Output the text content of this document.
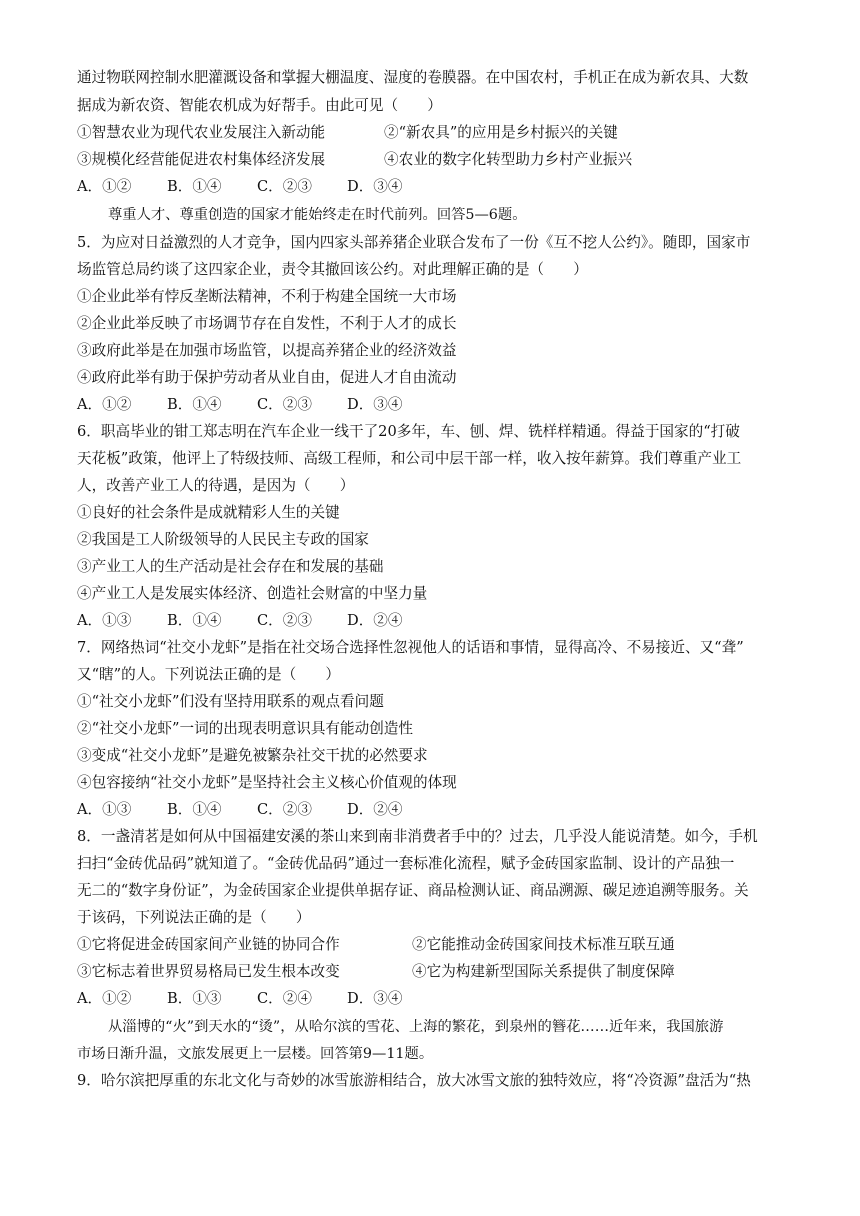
通过物联网控制水肥灌溉设备和掌握大棚温度、湿度的卷膜器。在中国农村，手机正在成为新农具、大数
据成为新农资、智能农机成为好帮手。由此可见（　　）
①智慧农业为现代农业发展注入新动能	②“新农具”的应用是乡村振兴的关键
③规模化经营能促进农村集体经济发展	④农业的数字化转型助力乡村产业振兴
A．①② B．①④ C．②③ D．③④
尊重人才、尊重创造的国家才能始终走在时代前列。回答5—6题。
5．为应对日益激烈的人才竞争，国内四家头部养猪企业联合发布了一份《互不挖人公约》。随即，国家市
场监管总局约谈了这四家企业，责令其撤回该公约。对此理解正确的是（　　）
①企业此举有悖反垄断法精神，不利于构建全国统一大市场
②企业此举反映了市场调节存在自发性，不利于人才的成长
③政府此举是在加强市场监管，以提高养猪企业的经济效益
④政府此举有助于保护劳动者从业自由，促进人才自由流动
A．①② B．①④ C．②③ D．③④
6．职高毕业的钳工郑志明在汽车企业一线干了20多年，车、刨、焊、铣样样精通。得益于国家的“打破
天花板”政策，他评上了特级技师、高级工程师，和公司中层干部一样，收入按年薪算。我们尊重产业工
人，改善产业工人的待遇，是因为（　　）
①良好的社会条件是成就精彩人生的关键
②我国是工人阶级领导的人民民主专政的国家
③产业工人的生产活动是社会存在和发展的基础
④产业工人是发展实体经济、创造社会财富的中坚力量
A．①③ B．①④ C．②③ D．②④
7．网络热词“社交小龙虾”是指在社交场合选择性忽视他人的话语和事情，显得高冷、不易接近、又“聋”
又“瞎”的人。下列说法正确的是（　　）
①“社交小龙虾”们没有坚持用联系的观点看问题
②“社交小龙虾”一词的出现表明意识具有能动创造性
③变成“社交小龙虾”是避免被繁杂社交干扰的必然要求
④包容接纳“社交小龙虾”是坚持社会主义核心价值观的体现
A．①③ B．①④ C．②③ D．②④
8．一盏清茗是如何从中国福建安溪的茶山来到南非消费者手中的？过去，几乎没人能说清楚。如今，手机
扫扫“金砖优品码”就知道了。“金砖优品码”通过一套标准化流程，赋予金砖国家监制、设计的产品独一
无二的“数字身份证”，为金砖国家企业提供单据存证、商品检测认证、商品溯源、碳足迹追溯等服务。关
于该码，下列说法正确的是（　　）
①它将促进金砖国家间产业链的协同合作	②它能推动金砖国家间技术标准互联互通
③它标志着世界贸易格局已发生根本改变	④它为构建新型国际关系提供了制度保障
A．①② B．①③ C．②④ D．③④
从淄博的“火”到天水的“烫”，从哈尔滨的雪花、上海的繁花，到泉州的簪花……近年来，我国旅游
市场日渐升温，文旅发展更上一层楼。回答第9—11题。
9．哈尔滨把厚重的东北文化与奇妙的冰雪旅游相结合，放大冰雪文旅的独特效应，将“冷资源”盘活为“热
